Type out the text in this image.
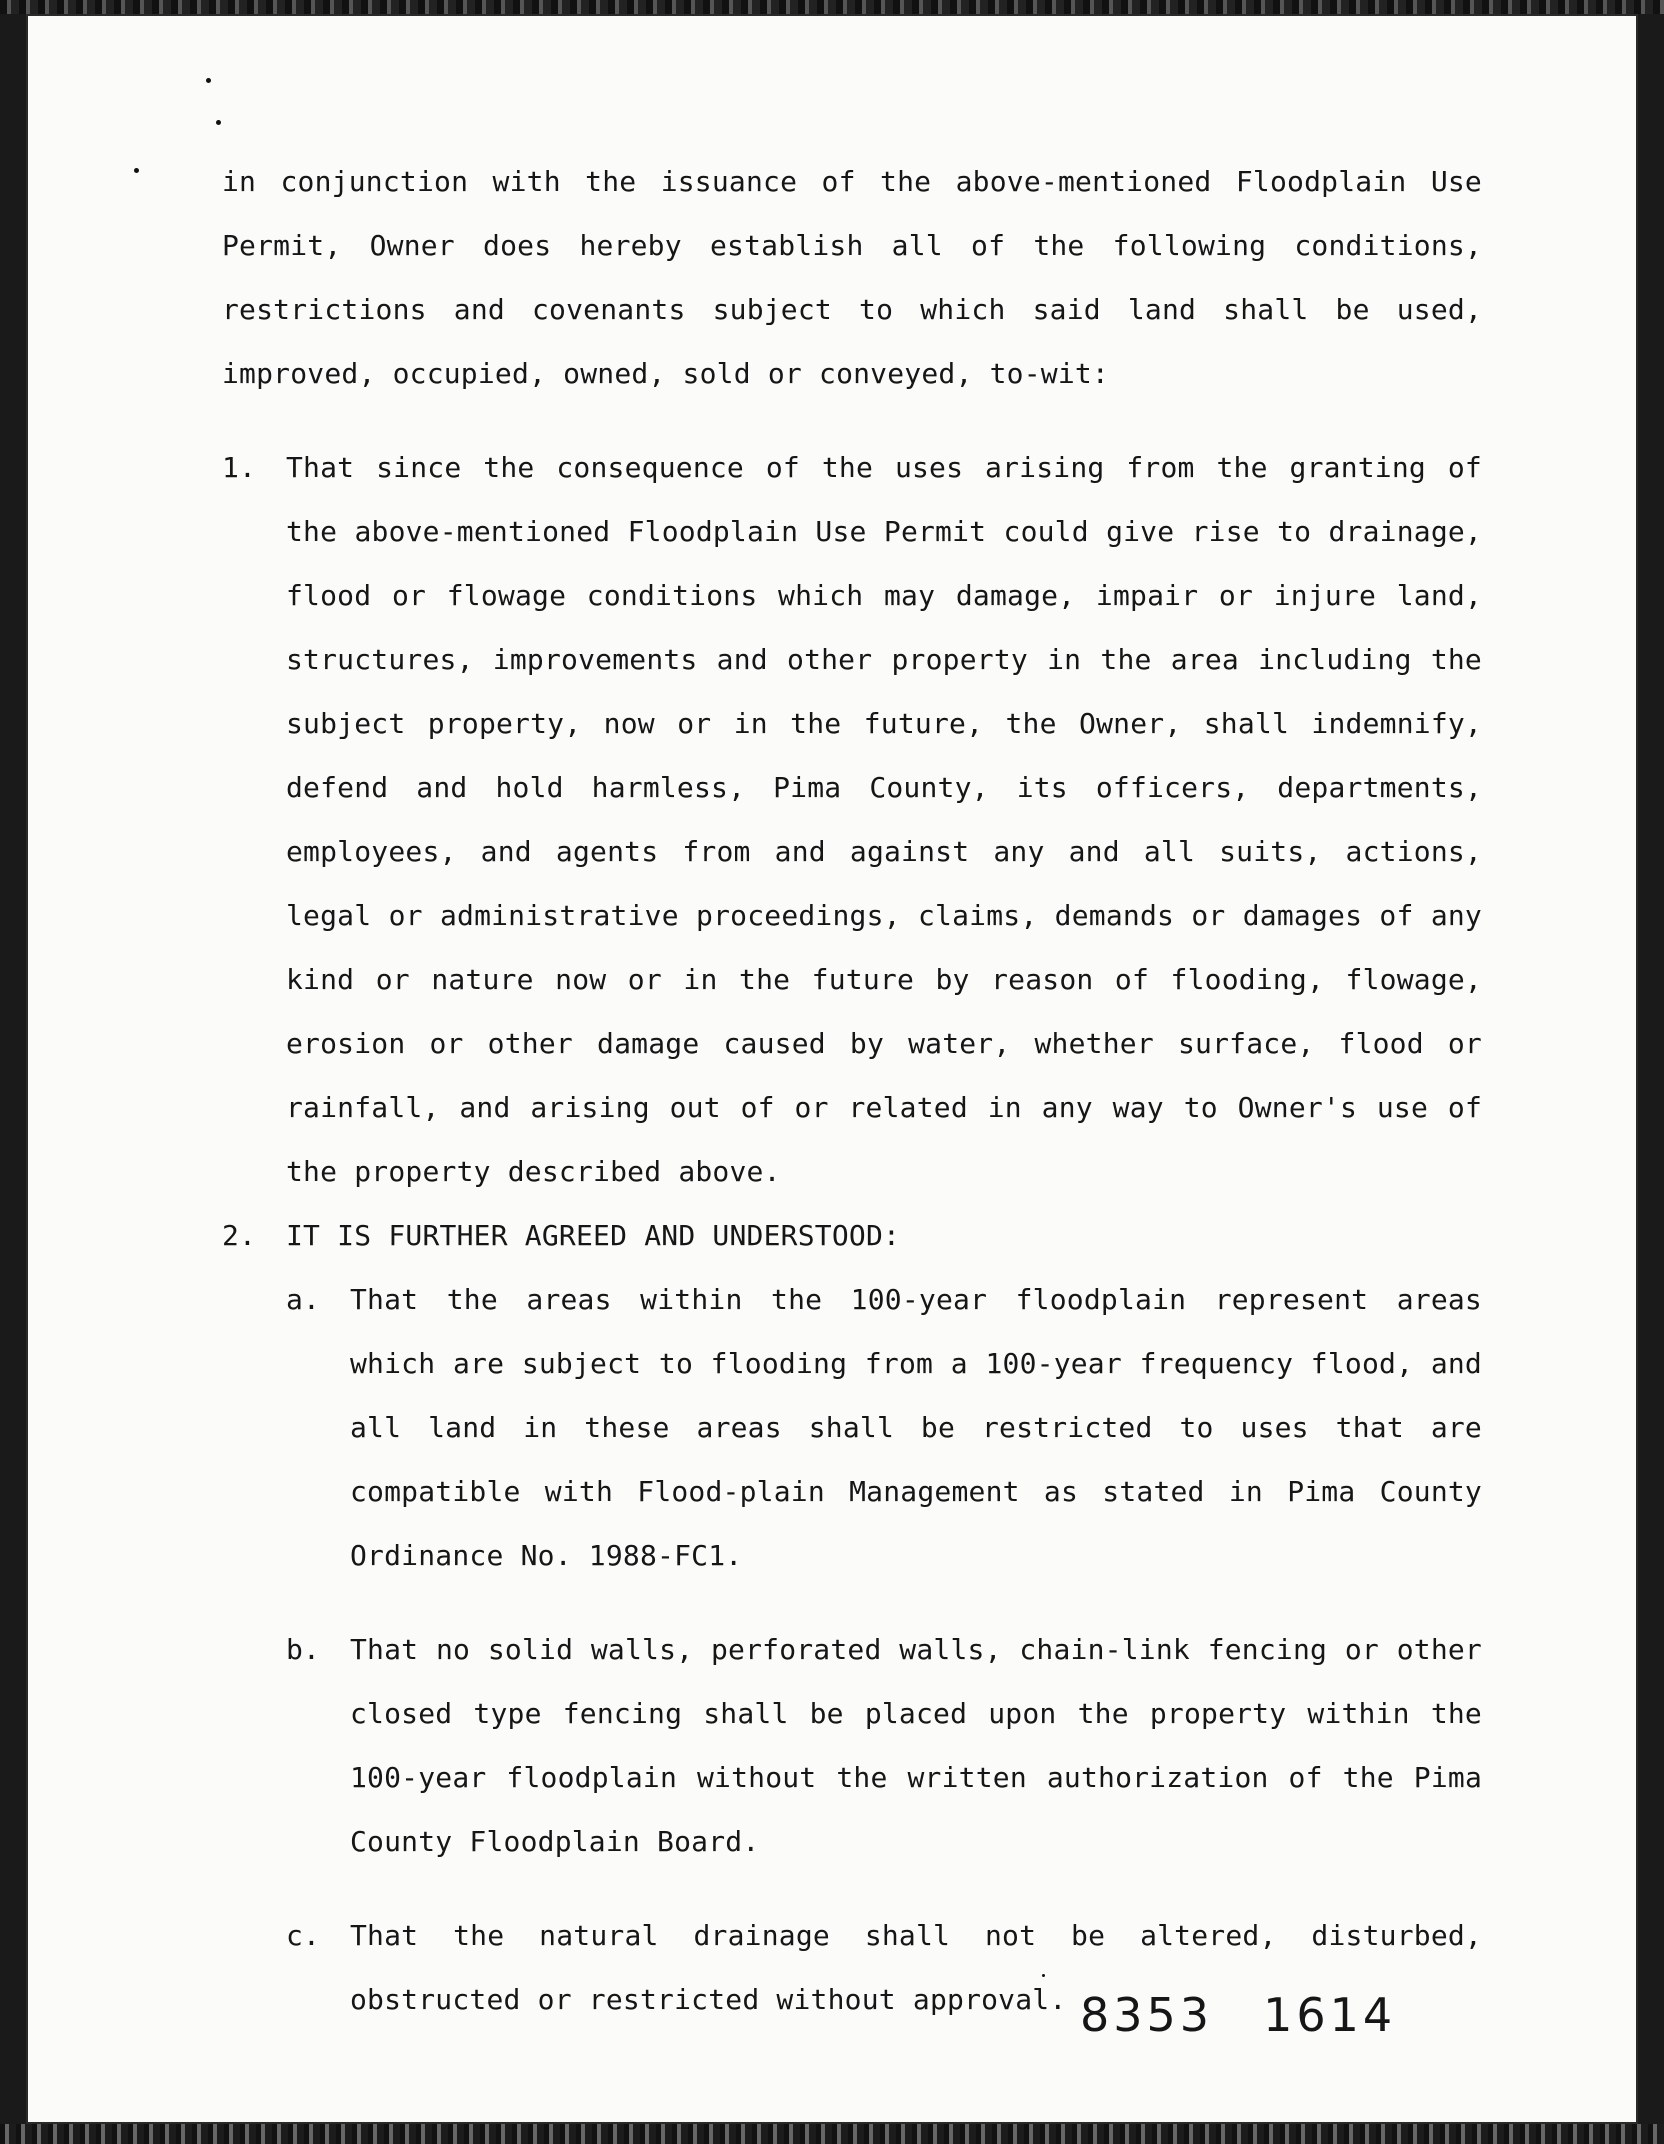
in conjunction with the issuance of the above-mentioned Floodplain Use Permit, Owner does hereby establish all of the following conditions, restrictions and covenants subject to which said land shall be used, improved, occupied, owned, sold or conveyed, to-wit:

1.	That since the consequence of the uses arising from the granting of the above-mentioned Floodplain Use Permit could give rise to drainage, flood or flowage conditions which may damage, impair or injure land, structures, improvements and other property in the area including the subject property, now or in the future, the Owner, shall indemnify, defend and hold harmless, Pima County, its officers, departments, employees, and agents from and against any and all suits, actions, legal or administrative proceedings, claims, demands or damages of any kind or nature now or in the future by reason of flooding, flowage, erosion or other damage caused by water, whether surface, flood or rainfall, and arising out of or related in any way to Owner's use of the property described above.

2.	IT IS FURTHER AGREED AND UNDERSTOOD:

a.	That the areas within the 100-year floodplain represent areas which are subject to flooding from a 100-year frequency flood, and all land in these areas shall be restricted to uses that are compatible with Flood-plain Management as stated in Pima County Ordinance No. 1988-FC1.

b.	That no solid walls, perforated walls, chain-link fencing or other closed type fencing shall be placed upon the property within the 100-year floodplain without the written authorization of the Pima County Floodplain Board.

c.	That the natural drainage shall not be altered, disturbed, obstructed or restricted without approval. 8353 1614
